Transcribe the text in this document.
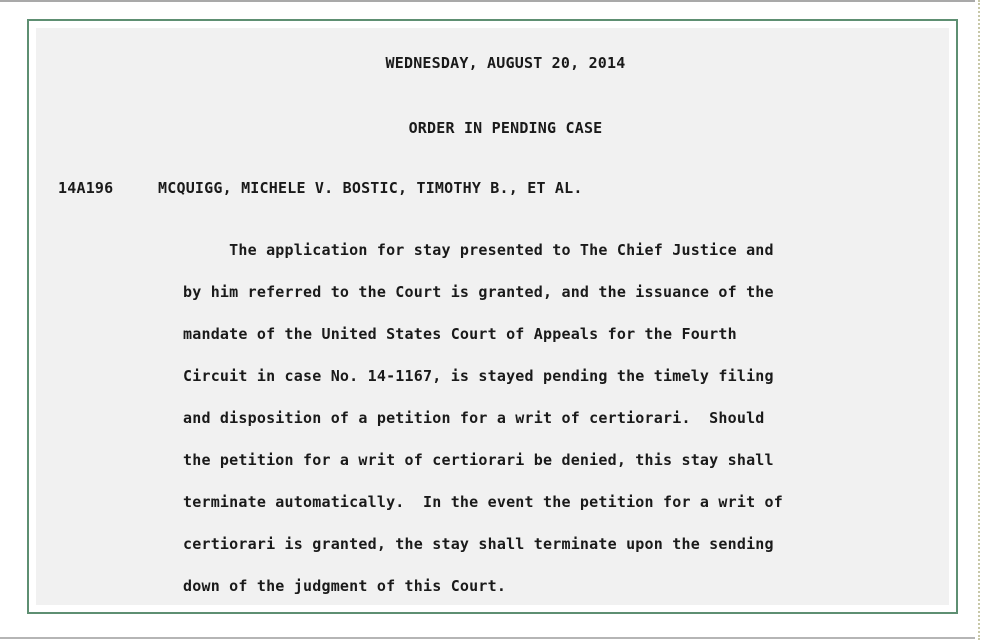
WEDNESDAY, AUGUST 20, 2014
ORDER IN PENDING CASE
14A196	MCQUIGG, MICHELE V. BOSTIC, TIMOTHY B., ET AL.
The application for stay presented to The Chief Justice and
by him referred to the Court is granted, and the issuance of the
mandate of the United States Court of Appeals for the Fourth
Circuit in case No. 14-1167, is stayed pending the timely filing
and disposition of a petition for a writ of certiorari.  Should
the petition for a writ of certiorari be denied, this stay shall
terminate automatically.  In the event the petition for a writ of
certiorari is granted, the stay shall terminate upon the sending
down of the judgment of this Court.
